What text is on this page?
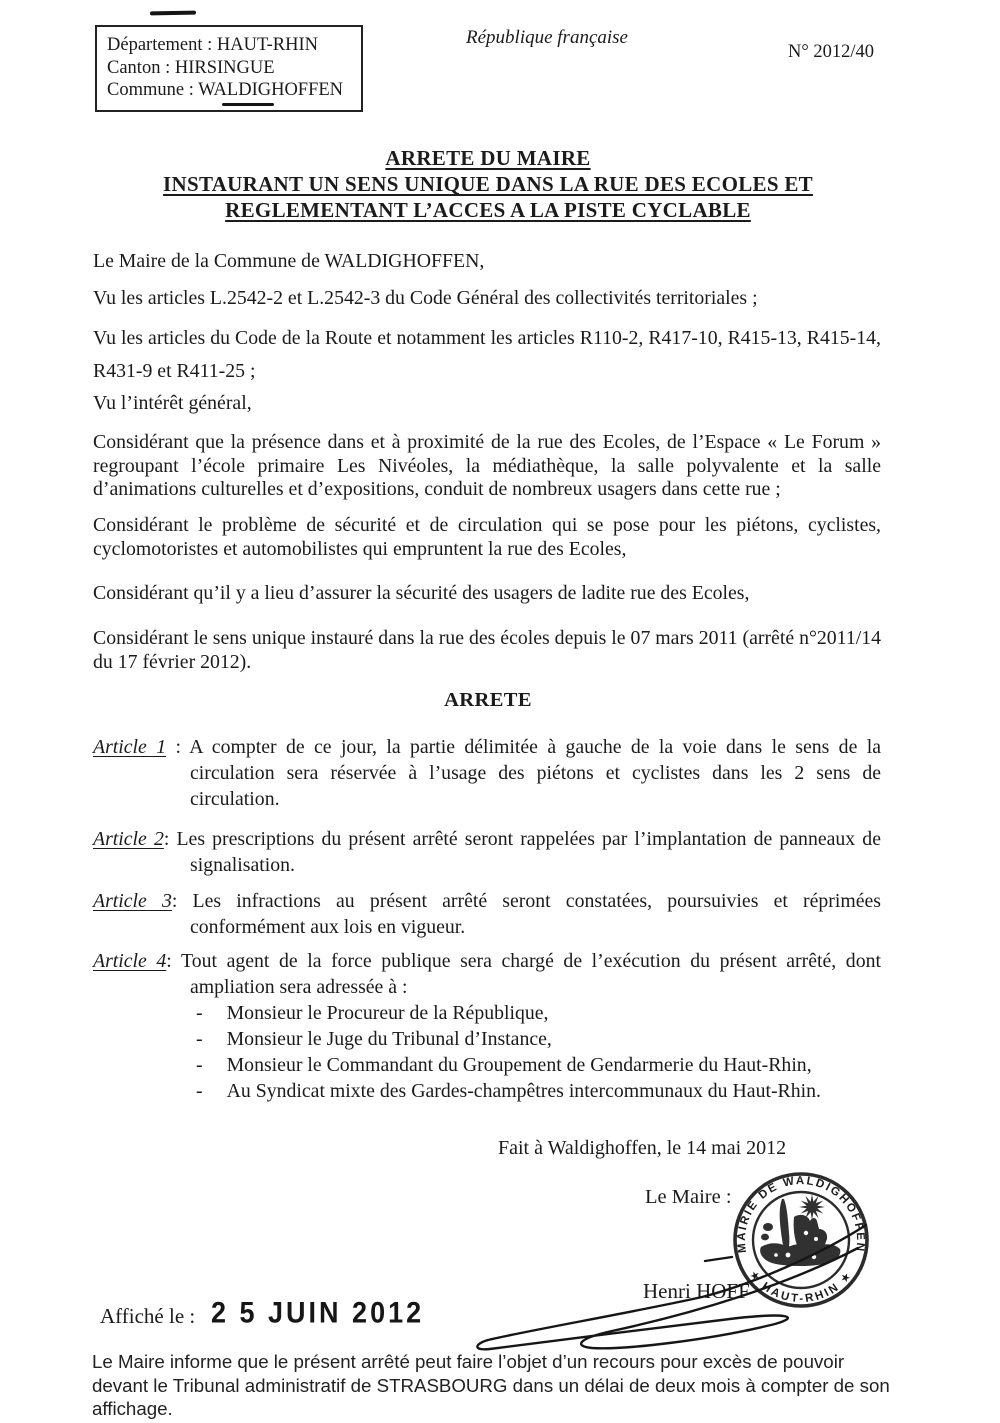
Département : HAUT-RHIN
Canton : HIRSINGUE
Commune : WALDIGHOFFEN
République française
N° 2012/40
ARRETE DU MAIRE
INSTAURANT UN SENS UNIQUE DANS LA RUE DES ECOLES ET
REGLEMENTANT L’ACCES A LA PISTE CYCLABLE
Le Maire de la Commune de WALDIGHOFFEN,
Vu les articles L.2542-2 et L.2542-3 du Code Général des collectivités territoriales ;
Vu les articles du Code de la Route et notamment les articles R110-2, R417-10, R415-13, R415-14, R431-9 et R411-25 ;
Vu l’intérêt général,
Considérant que la présence dans et à proximité de la rue des Ecoles, de l’Espace « Le Forum » regroupant l’école primaire Les Nivéoles, la médiathèque, la salle polyvalente et la salle d’animations culturelles et d’expositions, conduit de nombreux usagers dans cette rue ;
Considérant le problème de sécurité et de circulation qui se pose pour les piétons, cyclistes, cyclomotoristes et automobilistes qui empruntent la rue des Ecoles,
Considérant qu’il y a lieu d’assurer la sécurité des usagers de ladite rue des Ecoles,
Considérant le sens unique instauré dans la rue des écoles depuis le 07 mars 2011 (arrêté n°2011/14 du 17 février 2012).
ARRETE
Article 1 : A compter de ce jour, la partie délimitée à gauche de la voie dans le sens de la circulation sera réservée à l’usage des piétons et cyclistes dans les 2 sens de circulation.
Article 2: Les prescriptions du présent arrêté seront rappelées par l’implantation de panneaux de signalisation.
Article 3: Les infractions au présent arrêté seront constatées, poursuivies et réprimées conformément aux lois en vigueur.
Article 4: Tout agent de la force publique sera chargé de l’exécution du présent arrêté, dont ampliation sera adressée à :
- Monsieur le Procureur de la République,
- Monsieur le Juge du Tribunal d’Instance,
- Monsieur le Commandant du Groupement de Gendarmerie du Haut-Rhin,
- Au Syndicat mixte des Gardes-champêtres intercommunaux du Haut-Rhin.
Fait à Waldighoffen, le 14 mai 2012
Le Maire :
Henri HOFF
MAIRIE DE WALDIGHOFFEN
★ HAUT-RHIN ★
Affiché le : 2 5 JUIN 2012
Le Maire informe que le présent arrêté peut faire l’objet d’un recours pour excès de pouvoir devant le Tribunal administratif de STRASBOURG dans un délai de deux mois à compter de son affichage.
